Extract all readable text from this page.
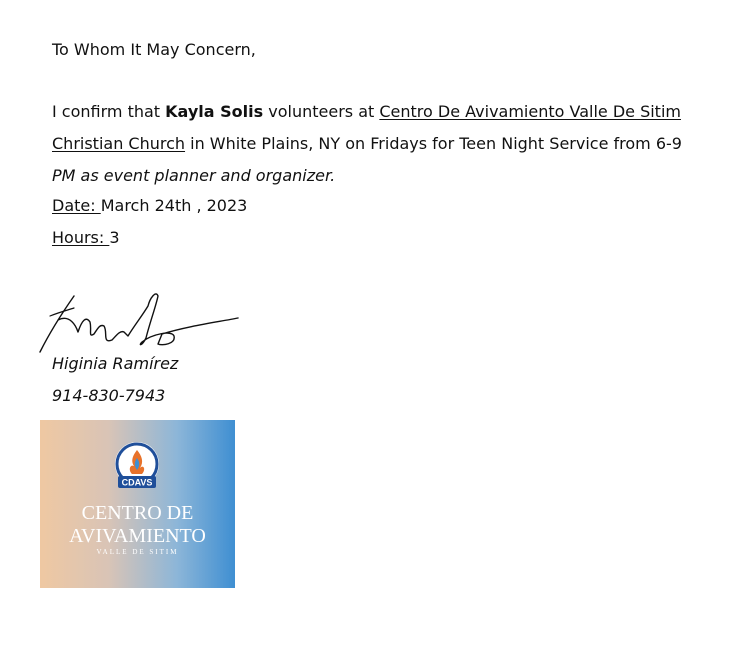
To Whom It May Concern,
I confirm that Kayla Solis volunteers at Centro De Avivamiento Valle De Sitim
Christian Church in White Plains, NY on Fridays for Teen Night Service from 6-9
PM as event planner and organizer.
Date: March 24th , 2023
Hours: 3
Higinia Ramírez
914-830-7943
CDAVS
CENTRO DE
AVIVAMIENTO
VALLE DE SITIM
